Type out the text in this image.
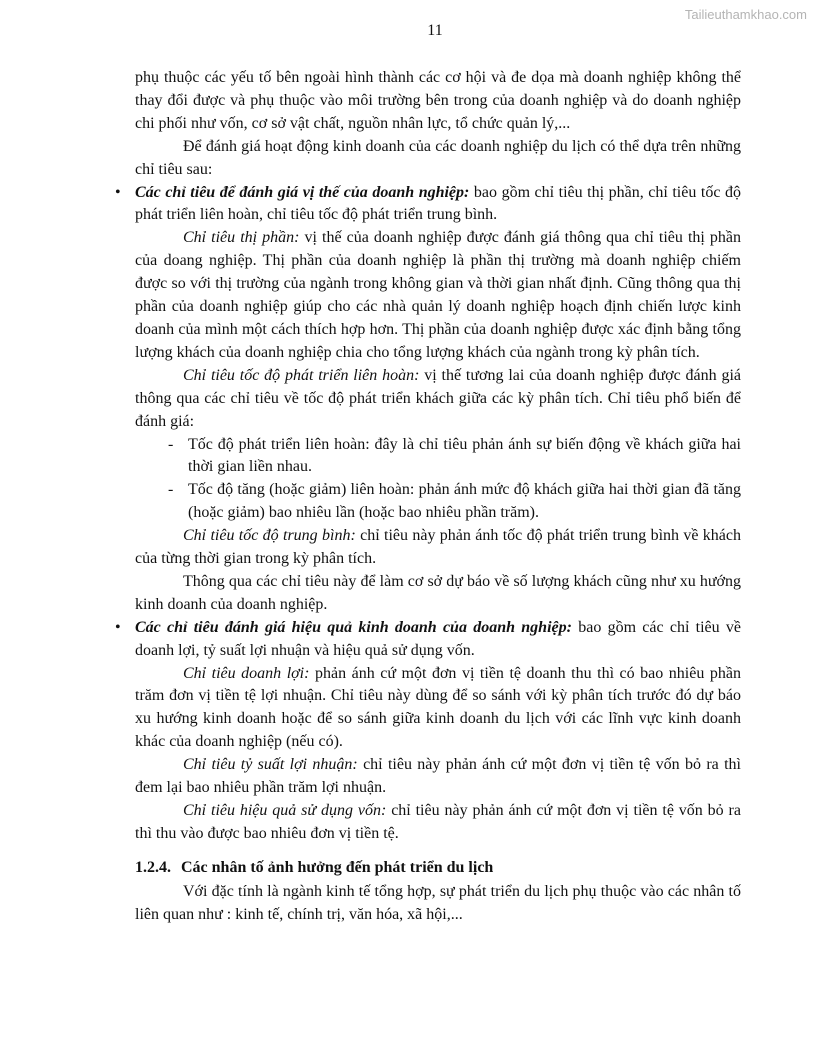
Tailieuthamkhao.com
11

phụ thuộc các yếu tố bên ngoài hình thành các cơ hội và đe dọa mà doanh nghiệp không thể thay đổi được và phụ thuộc vào môi trường bên trong của doanh nghiệp và do doanh nghiệp chi phối như vốn, cơ sở vật chất, nguồn nhân lực, tổ chức quản lý,...

Để đánh giá hoạt động kinh doanh của các doanh nghiệp du lịch có thể dựa trên những chỉ tiêu sau:

• Các chỉ tiêu để đánh giá vị thế của doanh nghiệp: bao gồm chỉ tiêu thị phần, chỉ tiêu tốc độ phát triển liên hoàn, chỉ tiêu tốc độ phát triển trung bình.

Chỉ tiêu thị phần: vị thế của doanh nghiệp được đánh giá thông qua chỉ tiêu thị phần của doang nghiệp. Thị phần của doanh nghiệp là phần thị trường mà doanh nghiệp chiếm được so với thị trường của ngành trong không gian và thời gian nhất định. Cũng thông qua thị phần của doanh nghiệp giúp cho các nhà quản lý doanh nghiệp hoạch định chiến lược kinh doanh của mình một cách thích hợp hơn. Thị phần của doanh nghiệp được xác định bằng tổng lượng khách của doanh nghiệp chia cho tổng lượng khách của ngành trong kỳ phân tích.

Chỉ tiêu tốc độ phát triển liên hoàn: vị thế tương lai của doanh nghiệp được đánh giá thông qua các chỉ tiêu về tốc độ phát triển khách giữa các kỳ phân tích. Chỉ tiêu phổ biến để đánh giá:

- Tốc độ phát triển liên hoàn: đây là chỉ tiêu phản ánh sự biến động về khách giữa hai thời gian liền nhau.
- Tốc độ tăng (hoặc giảm) liên hoàn: phản ánh mức độ khách giữa hai thời gian đã tăng (hoặc giảm) bao nhiêu lần (hoặc bao nhiêu phần trăm).

Chỉ tiêu tốc độ trung bình: chỉ tiêu này phản ánh tốc độ phát triển trung bình về khách của từng thời gian trong kỳ phân tích.

Thông qua các chỉ tiêu này để làm cơ sở dự báo về số lượng khách cũng như xu hướng kinh doanh của doanh nghiệp.

• Các chỉ tiêu đánh giá hiệu quả kinh doanh của doanh nghiệp: bao gồm các chỉ tiêu về doanh lợi, tỷ suất lợi nhuận và hiệu quả sử dụng vốn.

Chỉ tiêu doanh lợi: phản ánh cứ một đơn vị tiền tệ doanh thu thì có bao nhiêu phần trăm đơn vị tiền tệ lợi nhuận. Chỉ tiêu này dùng để so sánh với kỳ phân tích trước đó dự báo xu hướng kinh doanh hoặc để so sánh giữa kinh doanh du lịch với các lĩnh vực kinh doanh khác của doanh nghiệp (nếu có).

Chỉ tiêu tỷ suất lợi nhuận: chỉ tiêu này phản ánh cứ một đơn vị tiền tệ vốn bỏ ra thì đem lại bao nhiêu phần trăm lợi nhuận.

Chỉ tiêu hiệu quả sử dụng vốn: chỉ tiêu này phản ánh cứ một đơn vị tiền tệ vốn bỏ ra thì thu vào được bao nhiêu đơn vị tiền tệ.

1.2.4. Các nhân tố ảnh hưởng đến phát triển du lịch

Với đặc tính là ngành kinh tế tổng hợp, sự phát triển du lịch phụ thuộc vào các nhân tố liên quan như : kinh tế, chính trị, văn hóa, xã hội,...
